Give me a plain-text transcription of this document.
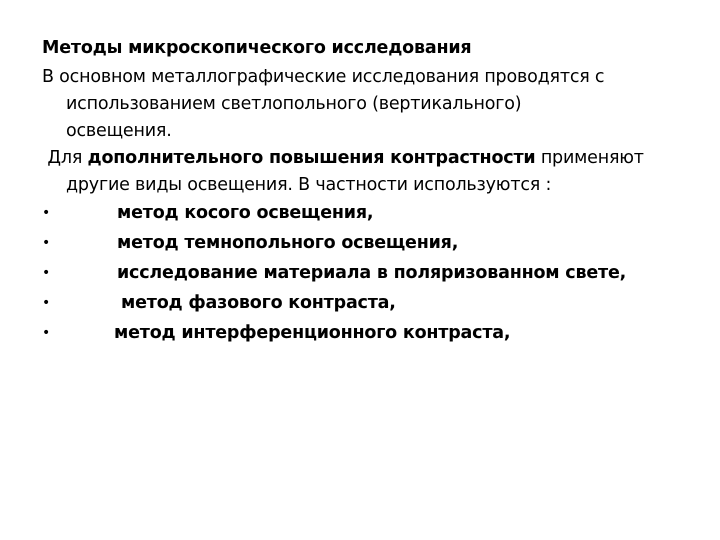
Методы микроскопического исследования
В основном металлографические исследования проводятся с
использованием светлопольного (вертикального)
освещения.
Для дополнительного повышения контрастности применяют
другие виды освещения. В частности используются :
•	метод косого освещения,
•	метод темнопольного освещения,
•	исследование материала в поляризованном свете,
•	метод фазового контраста,
•	метод интерференционного контраста,
